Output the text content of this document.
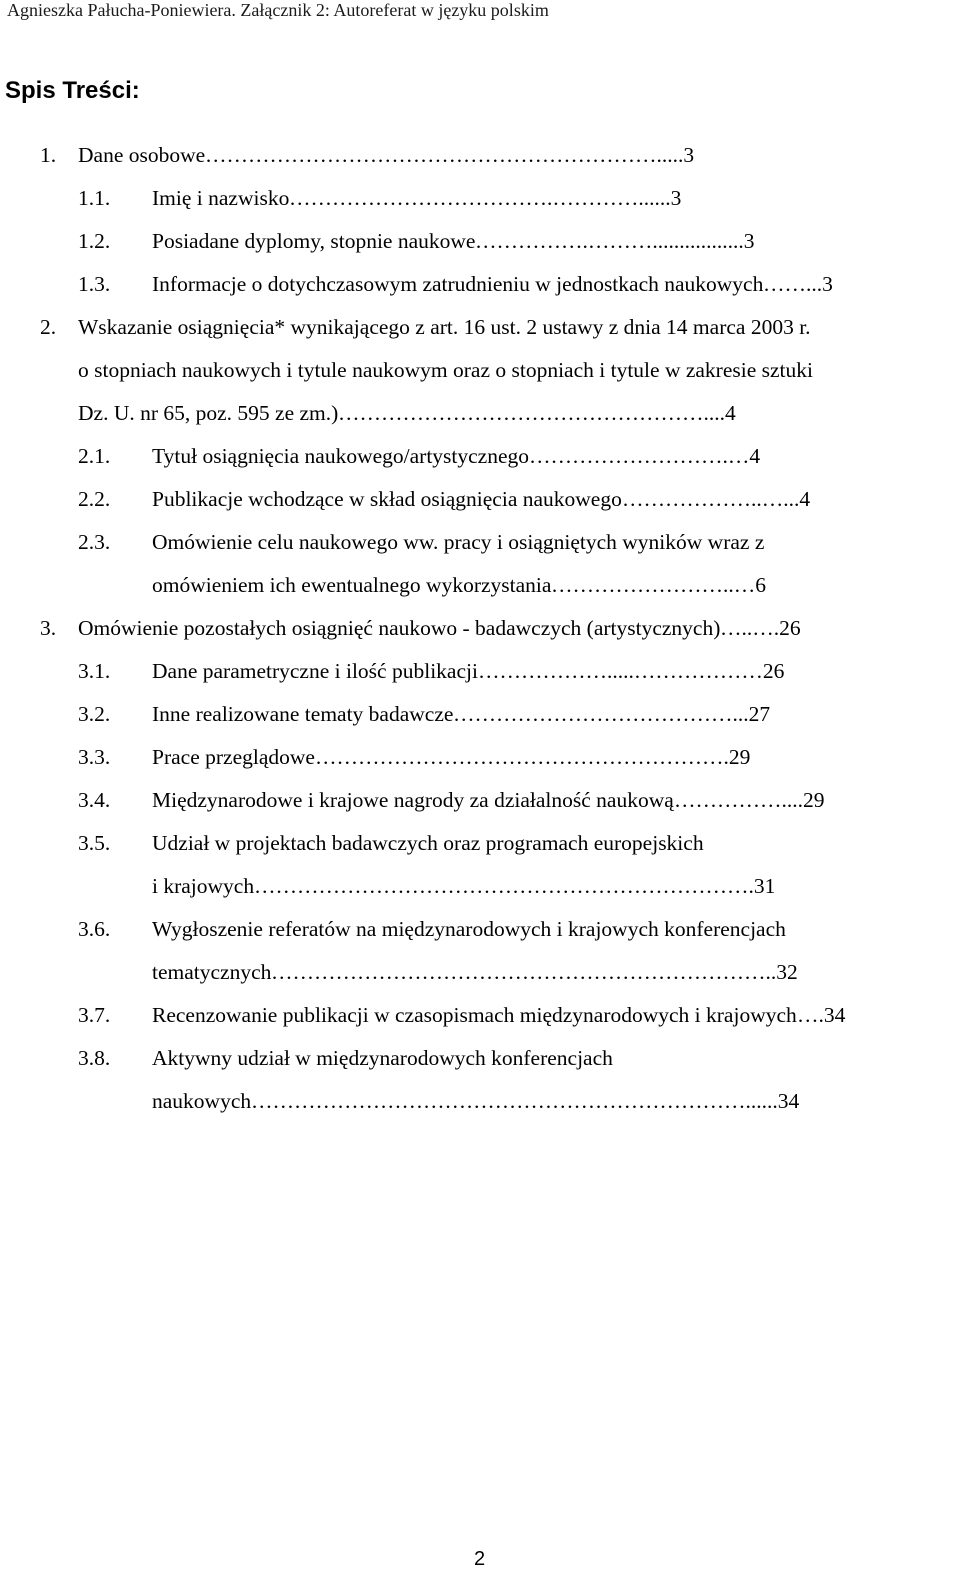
Agnieszka Pałucha-Poniewiera. Załącznik 2: Autoreferat w języku polskim
Spis Treści:
1. Dane osobowe ……………………………………………………….....3
1.1. Imię i nazwisko ……………………………….…………......3
1.2. Posiadane dyplomy, stopnie naukowe …………….……….................3
1.3. Informacje o dotychczasowym zatrudnieniu w jednostkach naukowych ……...3
2. Wskazanie osiągnięcia* wynikającego z art. 16 ust. 2 ustawy z dnia 14 marca 2003 r.
o stopniach naukowych i tytule naukowym oraz o stopniach i tytule w zakresie sztuki
Dz. U. nr 65, poz. 595 ze zm.) ……………………………………………....4
2.1. Tytuł osiągnięcia naukowego/artystycznego ……………………….…4
2.2. Publikacje wchodzące w skład osiągnięcia naukowego ………………..…...4
2.3. Omówienie celu naukowego ww. pracy i osiągniętych wyników wraz z
omówieniem ich ewentualnego wykorzystania ……………………..…6
3. Omówienie pozostałych osiągnięć naukowo - badawczych (artystycznych) …..….26
3.1. Dane parametryczne i ilość publikacji ……………….....………………26
3.2. Inne realizowane tematy badawcze …………………………………...27
3.3. Prace przeglądowe ………………………………………………….29
3.4. Międzynarodowe i krajowe nagrody za działalność naukową ……………....29
3.5. Udział w projektach badawczych oraz programach europejskich
i krajowych …………………………………………………………….31
3.6. Wygłoszenie referatów na międzynarodowych i krajowych konferencjach
tematycznych ……………………………………………………………..32
3.7. Recenzowanie publikacji w czasopismach międzynarodowych i krajowych ….34
3.8. Aktywny udział w międzynarodowych konferencjach
naukowych ……………………………………………………………......34
2
